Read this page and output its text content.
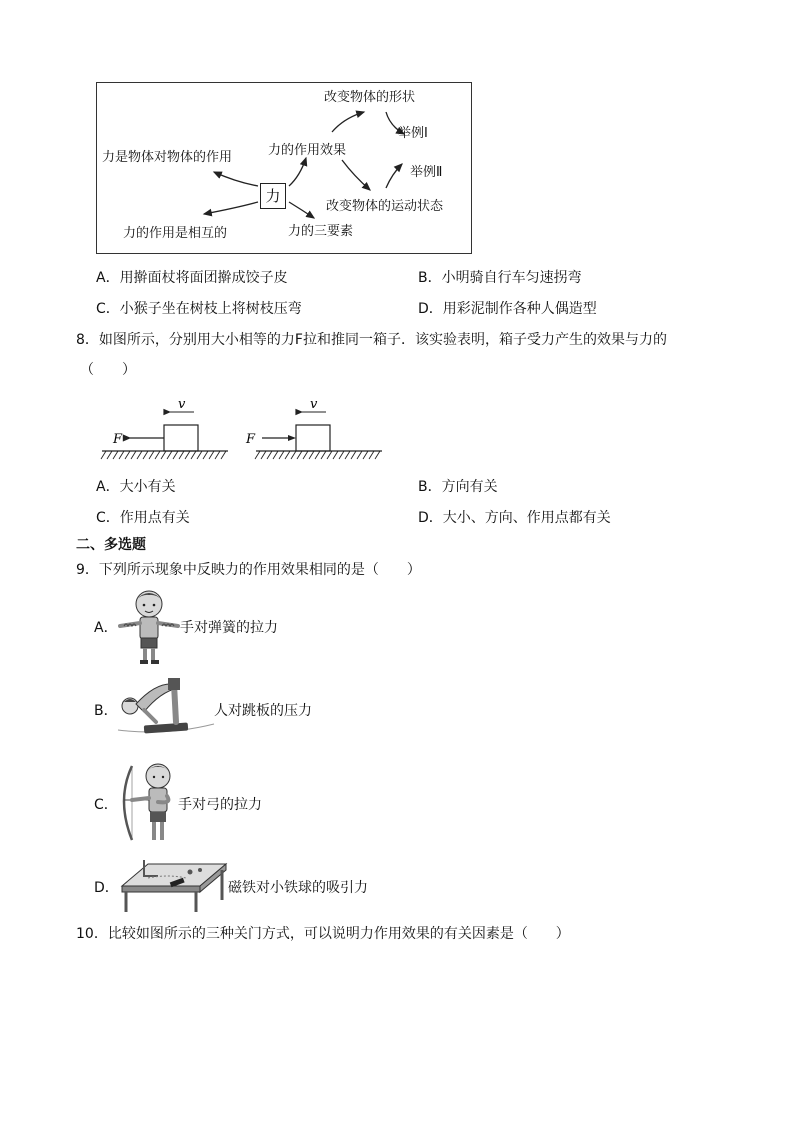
力
力是物体对物体的作用	力的作用效果
改变物体的形状
举例Ⅰ
举例Ⅱ
改变物体的运动状态
力的作用是相互的	力的三要素
A．用擀面杖将面团擀成饺子皮	B．小明骑自行车匀速拐弯
C．小猴子坐在树枝上将树枝压弯	D．用彩泥制作各种人偶造型
8．如图所示，分别用大小相等的力F拉和推同一箱子．该实验表明，箱子受力产生的效果与力的
（　　）
v
F
v
F
A．大小有关	B．方向有关
C．作用点有关	D．大小、方向、作用点都有关
二、多选题
9．下列所示现象中反映力的作用效果相同的是（　　）
A．	手对弹簧的拉力
B．	人对跳板的压力
C．	手对弓的拉力
D．	磁铁对小铁球的吸引力
10．比较如图所示的三种关门方式，可以说明力作用效果的有关因素是（　　）
